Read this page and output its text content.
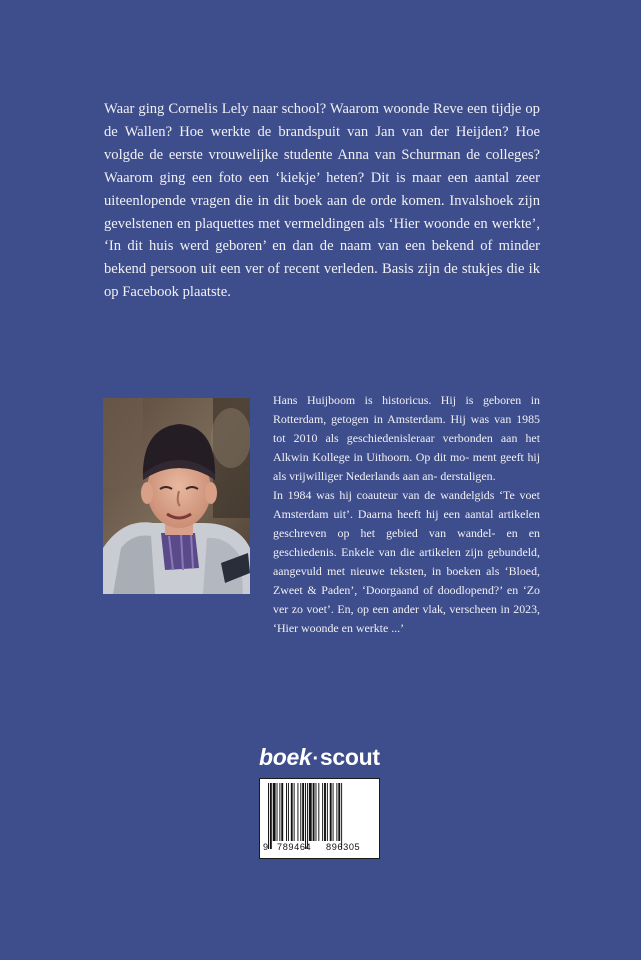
Waar ging Cornelis Lely naar school? Waarom woonde Reve een tijdje op de Wallen? Hoe werkte de brandspuit van Jan van der Heijden? Hoe volgde de eerste vrouwelijke studente Anna van Schurman de colleges? Waarom ging een foto een ‘kiekje’ heten? Dit is maar een aantal zeer uiteenlopende vragen die in dit boek aan de orde komen. Invalshoek zijn gevelstenen en plaquettes met vermeldingen als ‘Hier woonde en werkte’, ‘In dit huis werd geboren’ en dan de naam van een bekend of minder bekend persoon uit een ver of recent verleden. Basis zijn de stukjes die ik op Facebook plaatste.

Hans Huijboom is historicus. Hij is geboren in Rotterdam, getogen in Amsterdam. Hij was van 1985 tot 2010 als geschiedenisleraar verbonden aan het Alkwin Kollege in Uithoorn. Op dit mo- ment geeft hij als vrijwilliger Nederlands aan an- derstaligen.

In 1984 was hij coauteur van de wandelgids ‘Te voet Amsterdam uit’. Daarna heeft hij een aantal artikelen geschreven op het gebied van wandel- en en geschiedenis. Enkele van die artikelen zijn gebundeld, aangevuld met nieuwe teksten, in boeken als ‘Bloed, Zweet & Paden’, ‘Doorgaand of doodlopend?’ en ‘Zo ver zo voet’. En, op een ander vlak, verscheen in 2023, ‘Hier woonde en werkte ...’

boek·scout
9 789464 896305
